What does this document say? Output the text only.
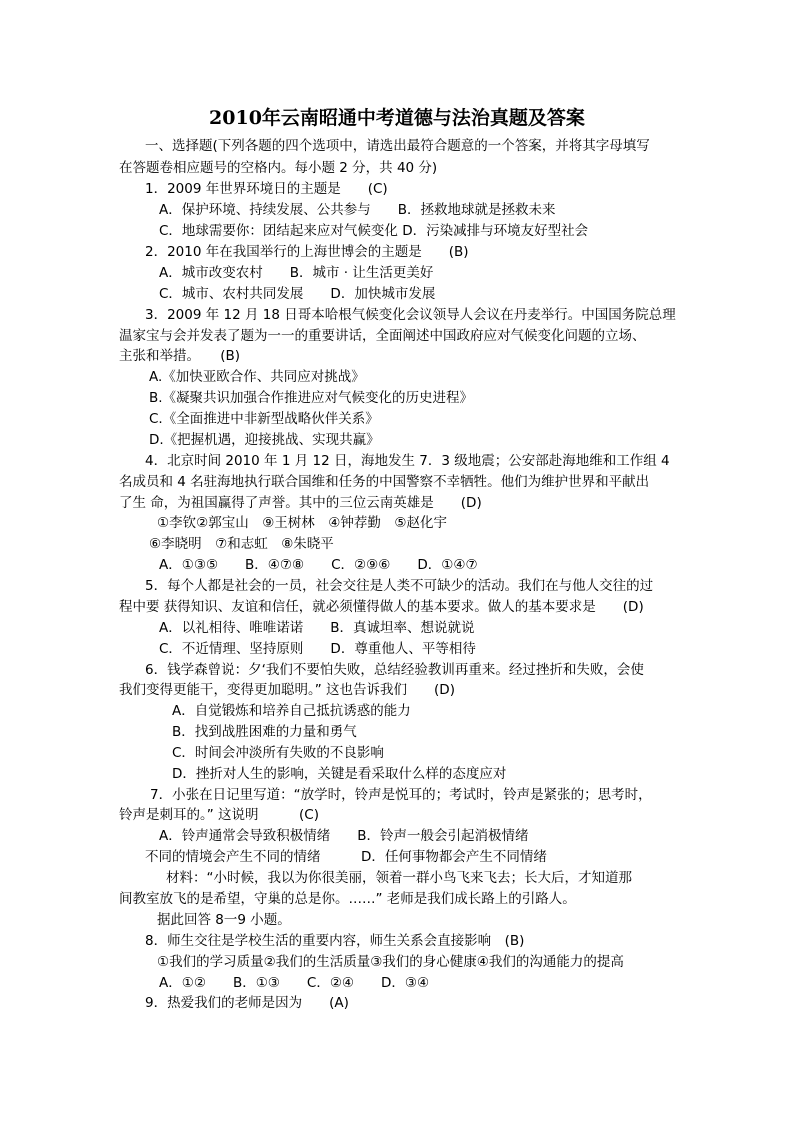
2010年云南昭通中考道德与法治真题及答案
一、选择题(下列各题的四个选项中，请选出最符合题意的一个答案，并将其字母填写
在答题卷相应题号的空格内。每小题 2 分，共 40 分)
1．2009 年世界环境日的主题是　　(C)
A．保护环境、持续发展、公共参与　　B．拯救地球就是拯救未来
C．地球需要你：团结起来应对气候变化 D．污染减排与环境友好型社会
2．2010 年在我国举行的上海世博会的主题是　　(B)
A．城市改变农村　　B．城市 · 让生活更美好
C．城市、农村共同发展　　D．加快城市发展
3．2009 年 12 月 18 日哥本哈根气候变化会议领导人会议在丹麦举行。中国国务院总理
温家宝与会并发表了题为一一的重要讲话，全面阐述中国政府应对气候变化问题的立场、
主张和举措。　　(B)
A.《加快亚欧合作、共同应对挑战》
B.《凝聚共识加强合作推进应对气候变化的历史进程》
C.《全面推进中非新型战略伙伴关系》
D.《把握机遇，迎接挑战、实现共赢》
4．北京时间 2010 年 1 月 12 日，海地发生 7．3 级地震；公安部赴海地维和工作组 4
名成员和 4 名驻海地执行联合国维和任务的中国警察不幸牺牲。他们为维护世界和平献出
了生 命，为祖国赢得了声誉。其中的三位云南英雄是　　(D)
①李钦②郭宝山　⑨王树林　④钟荐勤　⑤赵化宇
⑥李晓明　⑦和志虹　⑧朱晓平
A．①③⑤　　B．④⑦⑧　　C．②⑨⑥　　D．①④⑦
5．每个人都是社会的一员，社会交往是人类不可缺少的活动。我们在与他人交往的过
程中要 获得知识、友谊和信任，就必须懂得做人的基本要求。做人的基本要求是　　(D)
A．以礼相待、唯唯诺诺　　B．真诚坦率、想说就说
C．不近情理、坚持原则　　D．尊重他人、平等相待
6．钱学森曾说：夕‘我们不要怕失败，总结经验教训再重来。经过挫折和失败，会使
我们变得更能干，变得更加聪明。” 这也告诉我们　　(D)
A．自觉锻炼和培养自己抵抗诱惑的能力
B．找到战胜困难的力量和勇气
C．时间会冲淡所有失败的不良影响
D．挫折对人生的影响，关键是看采取什么样的态度应对
7．小张在日记里写道：“放学时，铃声是悦耳的；考试时，铃声是紧张的；思考时，
铃声是刺耳的。” 这说明　　　(C)
A．铃声通常会导致积极情绪　　B．铃声一般会引起消极情绪
不同的情境会产生不同的情绪　　　D．任何事物都会产生不同情绪
材料：“小时候，我以为你很美丽，领着一群小鸟飞来飞去；长大后，才知道那
间教室放飞的是希望，守巢的总是你。……” 老师是我们成长路上的引路人。
据此回答 8一9 小题。
8．师生交往是学校生活的重要内容，师生关系会直接影响　(B)
①我们的学习质量②我们的生活质量③我们的身心健康④我们的沟通能力的提高
A．①②　　B．①③　　C．②④　　D．③④
9．热爱我们的老师是因为　　(A)
